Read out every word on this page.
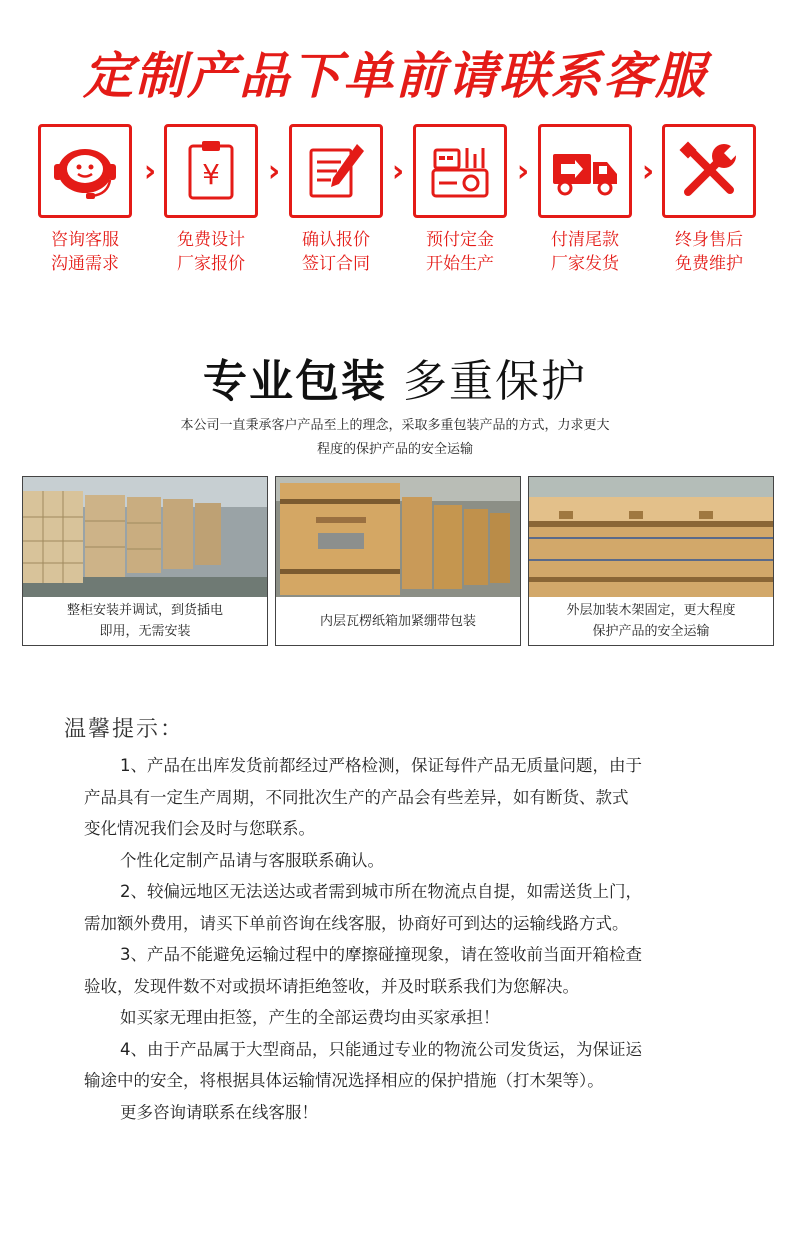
定制产品下单前请联系客服
咨询客服
沟通需求
› ¥
免费设计
厂家报价
›
确认报价
签订合同
›
预付定金
开始生产
›
付清尾款
厂家发货
›
终身售后
免费维护
专业包装 多重保护
本公司一直秉承客户产品至上的理念，采取多重包装产品的方式，力求更大
程度的保护产品的安全运输
整柜安装并调试，到货插电
即用，无需安装
内层瓦楞纸箱加紧绷带包装
外层加装木架固定，更大程度
保护产品的安全运输
温馨提示：

1、产品在出库发货前都经过严格检测，保证每件产品无质量问题，由于

产品具有一定生产周期，不同批次生产的产品会有些差异，如有断货、款式

变化情况我们会及时与您联系。

个性化定制产品请与客服联系确认。

2、较偏远地区无法送达或者需到城市所在物流点自提，如需送货上门，

需加额外费用，请买下单前咨询在线客服，协商好可到达的运输线路方式。

3、产品不能避免运输过程中的摩擦碰撞现象，请在签收前当面开箱检查

验收，发现件数不对或损坏请拒绝签收，并及时联系我们为您解决。

如买家无理由拒签，产生的全部运费均由买家承担！

4、由于产品属于大型商品，只能通过专业的物流公司发货运，为保证运

输途中的安全，将根据具体运输情况选择相应的保护措施（打木架等）。

更多咨询请联系在线客服！
